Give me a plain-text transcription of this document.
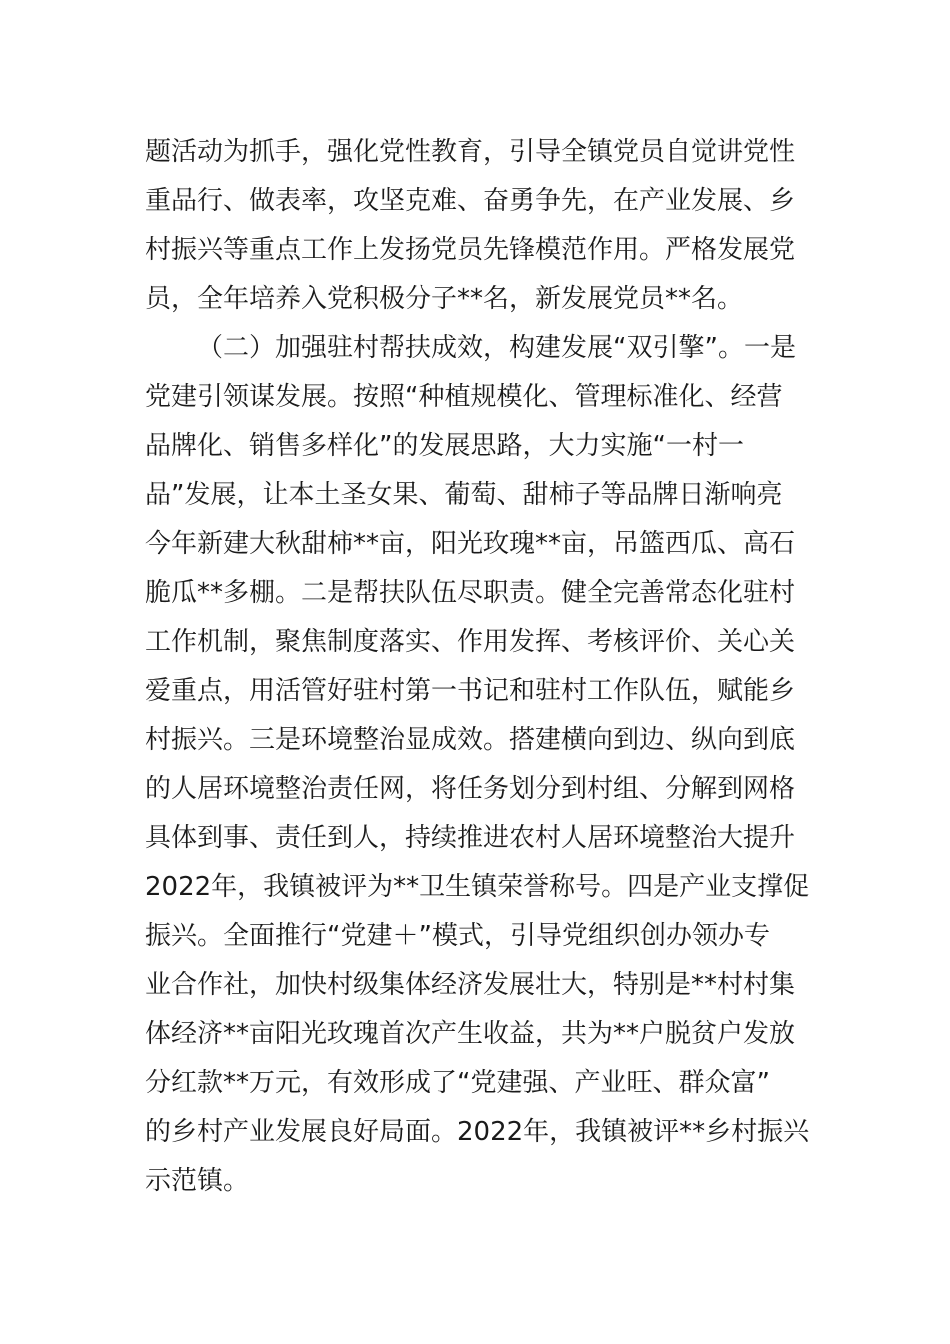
题活动为抓手，强化党性教育，引导全镇党员自觉讲党性
重品行、做表率，攻坚克难、奋勇争先，在产业发展、乡
村振兴等重点工作上发扬党员先锋模范作用。严格发展党
员，全年培养入党积极分子**名，新发展党员**名。
（二）加强驻村帮扶成效，构建发展“双引擎”。一是
党建引领谋发展。按照“种植规模化、管理标准化、经营
品牌化、销售多样化”的发展思路，大力实施“一村一
品”发展，让本土圣女果、葡萄、甜柿子等品牌日渐响亮
今年新建大秋甜柿**亩，阳光玫瑰**亩，吊篮西瓜、高石
脆瓜**多棚。二是帮扶队伍尽职责。健全完善常态化驻村
工作机制，聚焦制度落实、作用发挥、考核评价、关心关
爱重点，用活管好驻村第一书记和驻村工作队伍，赋能乡
村振兴。三是环境整治显成效。搭建横向到边、纵向到底
的人居环境整治责任网，将任务划分到村组、分解到网格
具体到事、责任到人，持续推进农村人居环境整治大提升
2022年，我镇被评为**卫生镇荣誉称号。四是产业支撑促
振兴。全面推行“党建＋”模式，引导党组织创办领办专
业合作社，加快村级集体经济发展壮大，特别是**村村集
体经济**亩阳光玫瑰首次产生收益，共为**户脱贫户发放
分红款**万元，有效形成了“党建强、产业旺、群众富”
的乡村产业发展良好局面。2022年，我镇被评**乡村振兴
示范镇。
